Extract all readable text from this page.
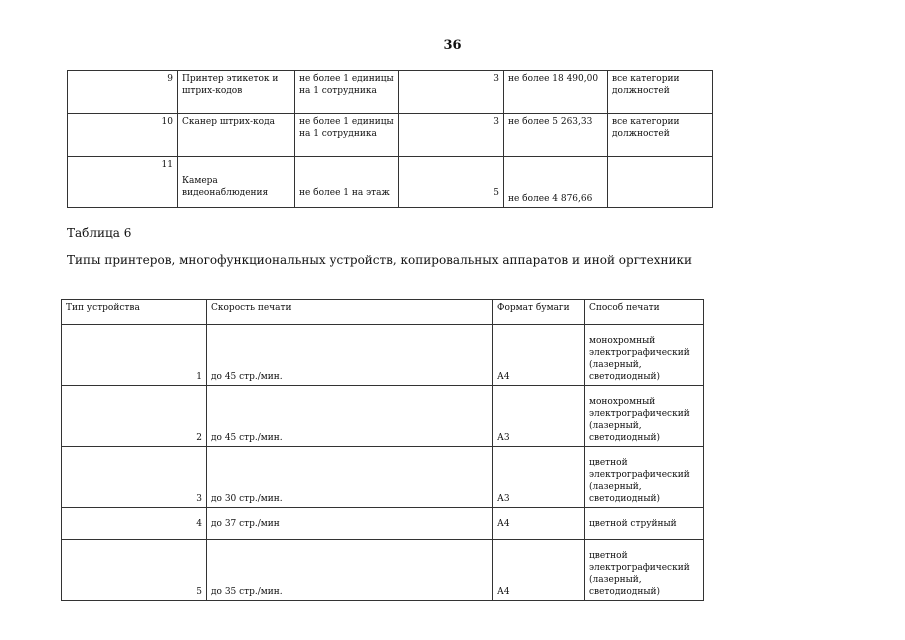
36
9	Принтер этикеток и штрих-кодов	не более 1 единицы на 1 сотрудника	3	не более 18 490,00	все категории должностей
10	Сканер штрих-кода	не более 1 единицы на 1 сотрудника	3	не более 5 263,33	все категории должностей
11	Камера видеонаблюдения	не более 1 на этаж	5	не более 4 876,66	
Таблица 6
Типы принтеров, многофункциональных устройств, копировальных аппаратов и иной оргтехники
Тип устройства	Скорость печати	Формат бумаги	Способ печати
1	до 45 стр./мин.	А4	монохромный электрографический (лазерный, светодиодный)
2	до 45 стр./мин.	А3	монохромный электрографический (лазерный, светодиодный)
3	до 30 стр./мин.	А3	цветной электрографический (лазерный, светодиодный)
4	до 37 стр./мин	А4	цветной струйный
5	до 35 стр./мин.	А4	цветной электрографический (лазерный, светодиодный)
